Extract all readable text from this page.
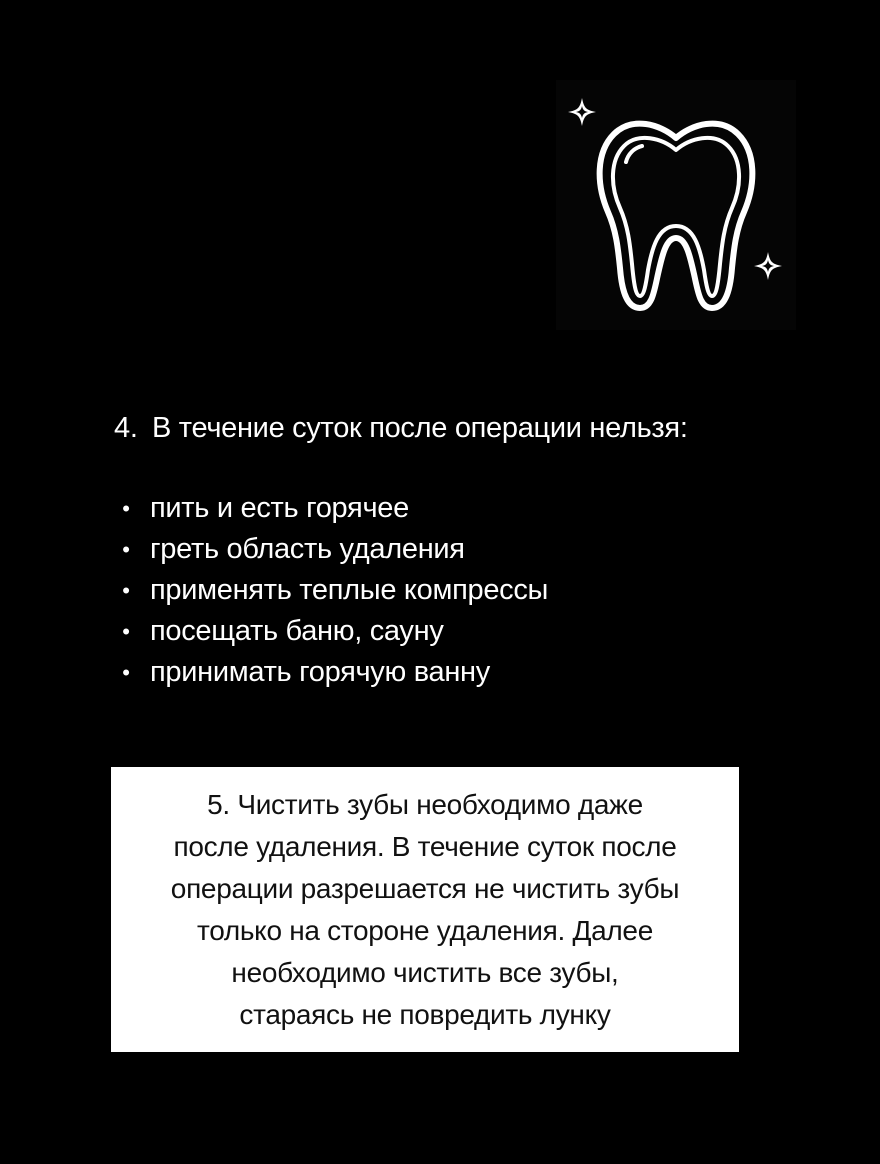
4. В течение суток после операции нельзя:
• пить и есть горячее
• греть область удаления
• применять теплые компрессы
• посещать баню, сауну
• принимать горячую ванну
5. Чистить зубы необходимо даже
после удаления. В течение суток после
операции разрешается не чистить зубы
только на стороне удаления. Далее
необходимо чистить все зубы,
стараясь не повредить лунку
